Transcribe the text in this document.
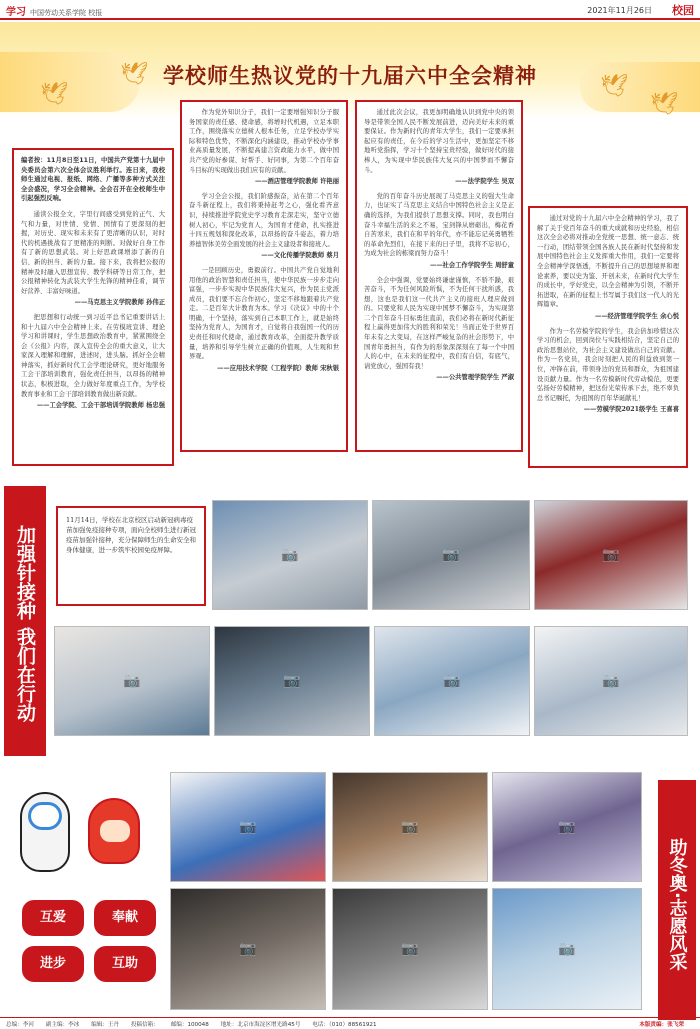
学习 中国劳动关系学院 校报	2021年11月26日 校园
🕊
🕊	🕊
🕊
学校师生热议党的十九届六中全会精神
编者按：11月8日至11日，中国共产党第十九届中央委员会第六次全体会议胜利举行。连日来，我校师生通过电视、报纸、网络、广播等多种方式关注全会盛况，学习全会精神。全会召开在全校师生中引起强烈反响。

通读公报全文，字里行间感受到党的正气、大气和力量，对世情、党情、国情有了更深刻的把握，对历史、现实和未来有了更清晰的认识，对时代的机遇挑战有了更精准的判断。对做好自身工作有了新的思想武装。对上好思政课增添了新的自信、新的担当、新的力量。接下来，我将把公报的精神及时融入思想宣传、教学科研等日常工作，把公报精神转化为武装大学生先锋的精神佳肴，调节好营养、丰富好味道。

——马克思主义学院教师 孙伟正

把思想和行动统一到习近平总书记重要讲话上和十九届六中全会精神上来。在劳模班宣讲、理论学习和讲课时，学生思想政治教育中，紧紧围绕全会《公报》内容，深入宣传全会的重大意义，让大家深入理解和理解，进述时，进头脑。抓好全会精神落实，抓好新时代工会学理论研究，更好地服务工会干部培训教育，强化责任担当，以昂扬的精神状态，积极进取，全力做好年度重点工作，为学校教育事业和工会干部培训教育做出新贡献。

——工会学院、工会干部培训学院教师 杨忠强

作为党外知识分子，我们一定要增强知识分子服务国家的责任感、使命感，将增时代机遇，立足本职工作，围绕落实立德树人根本任务，立足学校办学实际和特色优势，不断深化内涵建设，推动学校办学事业高质量发展，不断提高建言资政能力水平，做中国共产党的好参谋、好帮手、好同事，为第二个百年奋斗目标的实现做出我们应有的贡献。

——酒店管理学院教师 许艳丽

学习全会公报，我们阶感振奋，站在第二个百年奋斗新征程上，我们将秉持赶考之心，强化看齐意识，持续推进学院党史学习教育走深走实，坚守立德树人初心，牢记为党育人，为国育才使命，扎实推进十四五规划和深化改革，以昂扬的奋斗姿态，着力培养德智体美劳全面发展的社会主义建设者和接班人。

——文化传播学院教师 蔡月

一是回顾历史，勇毅前行。中国共产党自觉地利用他的政治智慧和责任担当，使中华民族一步步走向富强，一步步实现中华民族伟大复兴，作为民主党派成员，我们要不忘合作初心，坚定不移地跟着共产党走。二是百年大计教育为本。学习《决议》中的十个明确，十个坚持，落实到自己本职工作上，就是始终坚持为党育人，为国育才，自觉将自我强国一代的历史责任和时代使命，通过教育改革，全面提升教学质量，培养和引导学生树立正确的价值观，人生观和世界观。

——应用技术学院（工程学院）教师 宋秋银

通过此次会议，我更加明确地认识到党中央的领导是带领全国人民不断发展前进，迈向美好未来的重要保证。作为新时代的青年大学生，我们一定要承担起应有的责任，在今后的学习生活中，更加坚定不移地听党指挥，学习十个坚持宝贵经验，做好时代的接棒人，为实现中华民族伟大复兴的中国梦而不懈奋斗。

——法学院学生 吴双

党的百年奋斗历史展现了马克思主义的强大生命力，也证实了马克思主义结合中国特色社会主义是正确的选择，为我们提供了思想支撑。同时，我也明白奋斗幸福生活的来之不易，宝剑锋从磨砺出，梅花香自苦寒来，我们在和平的年代，亦不能忘记英勇牺牲的革命先烈们，在接下来的日子里，我将不忘初心，为成为社会的栋梁而努力奋斗！

——社会工作学院学生 周舒童

全会中强调，党要始终谦虚谨慎，不骄不躁，艰苦奋斗，不为任何风险所惧，不为任何干扰所惑，我想，这也是我们这一代共产主义的接班人理应做到的。只要党和人民为实现中国梦不懈奋斗，为实现第二个百年奋斗目标勇往直前，我们必将在新时代新征程上赢得更加伟大的胜利和荣光！当面正处于世界百年未有之大变局，在这样严峻复杂的社会形势下，中国青年勇担当，有作为的形象深深刻在了每一个中国人的心中，在未来的征程中，我们有自信，有底气，请党放心，强国有我！

——公共管理学院学生 严淑

通过对党的十九届六中全会精神的学习，我了解了关于党百年奋斗的重大成就和历史经验，相信这次全会必将对推动全党统一思想、统一意志、统一行动，团结带领全国各族人民在新时代坚持和发展中国特色社会主义发挥重大作用，我们一定要将全会精神学深悟透，不断提升自己的思想境界和理论素养，要以史为鉴、开创未来，在新时代大学生的成长中，学好党史，以全会精神为引领，不断开拓进取，在新的征程上书写属于我们这一代人的光辉篇章。

——经济管理学院学生 余心悦

作为一名劳模学院的学生，我会倍加珍惜这次学习的机会，回到岗位与实践相结合，坚定自己的政治思想站位，为社会主义建设做出自己的贡献。作为一名党员，我会时刻把人民的利益放到第一位，冲锋在前，带领身边的党员和群众，为祖国建设贡献力量。作为一名劳模新时代劳动模范，更要弘扬好劳模精神，把这份光荣传承下去，绝不辜负总书记嘱托，为祖国的百年华诞献礼！

——劳模学院2021级学生 王喜喜

加强针接种 我们在行动
11月14日，学校在北京校区启动新冠病毒疫苗加强免疫接种专项，面向全校师生进行新冠疫苗加强针接种，充分保障师生的生命安全和身体健康，进一步筑牢校园免疫屏障。	📷	📷	📷
📷	📷	📷	📷
互爱	奉献
进步	互助
📷	📷	📷
📷	📷	📷	助冬奥·志愿风采
总编：李河 副主编：李冰 编辑：王丹 投稿信箱： 邮编：100048 地址：北京市海淀区增光路45号 电话：（010）88561921	本版责编：张飞荣
